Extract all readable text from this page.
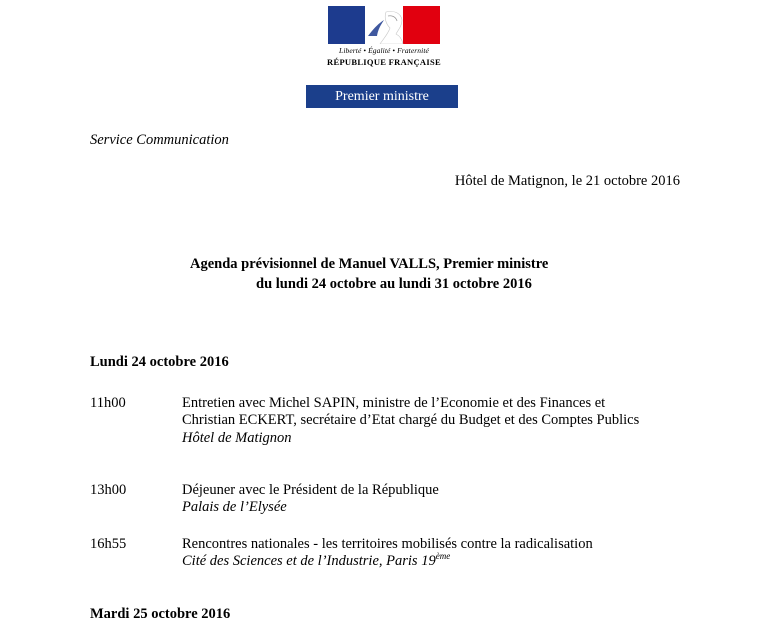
Liberté • Égalité • Fraternité
RÉPUBLIQUE FRANÇAISE
Premier ministre
Service Communication
Hôtel de Matignon, le 21 octobre 2016
Agenda prévisionnel de Manuel VALLS, Premier ministre
du lundi 24 octobre au lundi 31 octobre 2016
Lundi 24 octobre 2016
11h00	Entretien avec Michel SAPIN, ministre de l’Economie et des Finances et
Christian ECKERT, secrétaire d’Etat chargé du Budget et des Comptes Publics
Hôtel de Matignon
13h00	Déjeuner avec le Président de la République
Palais de l’Elysée
16h55	Rencontres nationales - les territoires mobilisés contre la radicalisation
Cité des Sciences et de l’Industrie, Paris 19ème
Mardi 25 octobre 2016
